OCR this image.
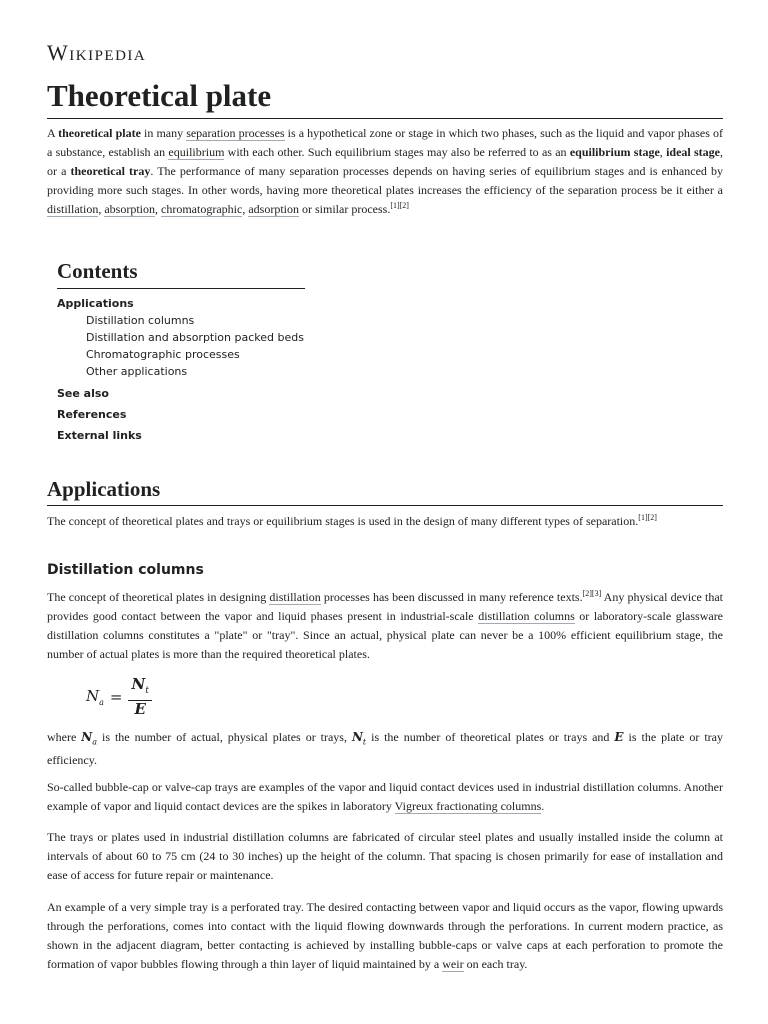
Wikipedia
Theoretical plate

A theoretical plate in many separation processes is a hypothetical zone or stage in which two phases, such as the liquid and vapor phases of a substance, establish an equilibrium with each other. Such equilibrium stages may also be referred to as an equilibrium stage, ideal stage, or a theoretical tray. The performance of many separation processes depends on having series of equilibrium stages and is enhanced by providing more such stages. In other words, having more theoretical plates increases the efficiency of the separation process be it either a distillation, absorption, chromatographic, adsorption or similar process.[1][2]

Contents
Applications
Distillation columns
Distillation and absorption packed beds
Chromatographic processes
Other applications
See also
References
External links
Applications

The concept of theoretical plates and trays or equilibrium stages is used in the design of many different types of separation.[1][2]

Distillation columns

The concept of theoretical plates in designing distillation processes has been discussed in many reference texts.[2][3] Any physical device that provides good contact between the vapor and liquid phases present in industrial-scale distillation columns or laboratory-scale glassware distillation columns constitutes a "plate" or "tray". Since an actual, physical plate can never be a 100% efficient equilibrium stage, the number of actual plates is more than the required theoretical plates.

$N_a = \frac{N_t}{E}$

where $N_a$ is the number of actual, physical plates or trays, $N_t$ is the number of theoretical plates or trays and E is the plate or tray efficiency.

So-called bubble-cap or valve-cap trays are examples of the vapor and liquid contact devices used in industrial distillation columns. Another example of vapor and liquid contact devices are the spikes in laboratory Vigreux fractionating columns.

The trays or plates used in industrial distillation columns are fabricated of circular steel plates and usually installed inside the column at intervals of about 60 to 75 cm (24 to 30 inches) up the height of the column. That spacing is chosen primarily for ease of installation and ease of access for future repair or maintenance.

An example of a very simple tray is a perforated tray. The desired contacting between vapor and liquid occurs as the vapor, flowing upwards through the perforations, comes into contact with the liquid flowing downwards through the perforations. In current modern practice, as shown in the adjacent diagram, better contacting is achieved by installing bubble-caps or valve caps at each perforation to promote the formation of vapor bubbles flowing through a thin layer of liquid maintained by a weir on each tray.
